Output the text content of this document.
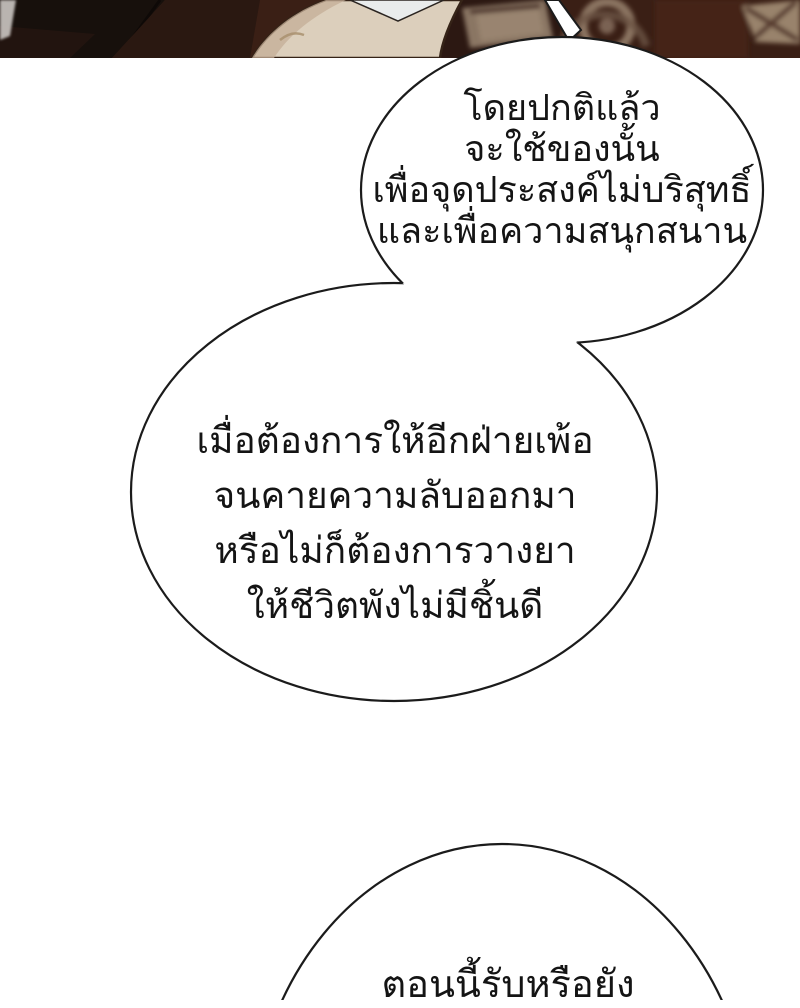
โดยปกติแล้ว
จะใช้ของนั้น
เพื่อจุดประสงค์ไม่บริสุทธิ์
และเพื่อความสนุกสนาน
เมื่อต้องการให้อีกฝ่ายเพ้อ
จนคายความลับออกมา
หรือไม่ก็ต้องการวางยา
ให้ชีวิตพังไม่มีชิ้นดี
ตอนนี้รับหรือยัง
